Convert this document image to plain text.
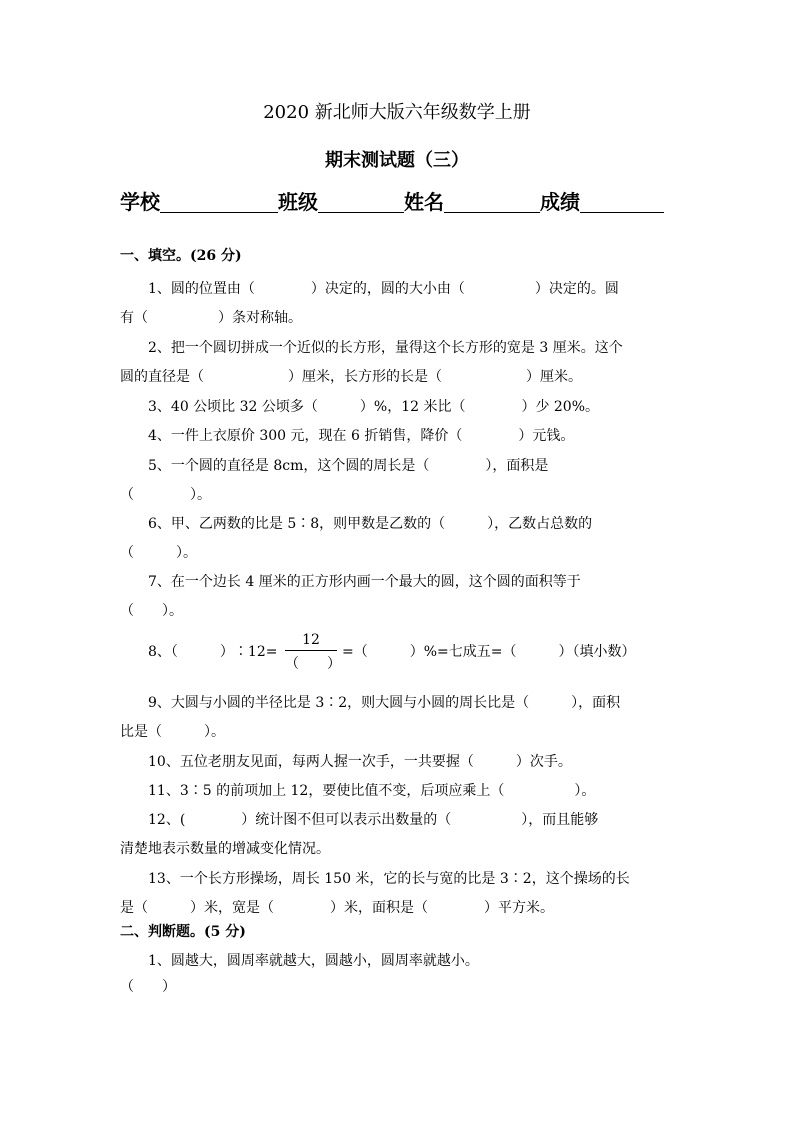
2020 新北师大版六年级数学上册
期末测试题（三）
学校	班级	姓名	成绩
一、填空。(26 分)
1、圆的位置由（　　　　）决定的，圆的大小由（　　　　　）决定的。圆
有（　　　　　）条对称轴。
2、把一个圆切拼成一个近似的长方形，量得这个长方形的宽是 3 厘米。这个
圆的直径是（　　　　　　）厘米，长方形的长是（　　　　　　）厘米。
3、40 公顷比 32 公顷多（　　　）%，12 米比（　　　　）少 20%。
4、一件上衣原价 300 元，现在 6 折销售，降价（　　　　）元钱。
5、一个圆的直径是 8cm，这个圆的周长是（　　　　），面积是
（　　　　）。
6、甲、乙两数的比是 5∶8，则甲数是乙数的（　　　），乙数占总数的
（　　　）。
7、在一个边长 4 厘米的正方形内画一个最大的圆，这个圆的面积等于
（　　）。
8、（　　　）∶12=
12
（　　）
=（　　　）%=七成五=（　　　）（填小数）
9、大圆与小圆的半径比是 3∶2，则大圆与小圆的周长比是（　　　），面积
比是（　　　）。
10、五位老朋友见面，每两人握一次手，一共要握（　　　）次手。
11、3∶5 的前项加上 12，要使比值不变，后项应乘上（　　　　　）。
12、(　　　　）统计图不但可以表示出数量的（　　　　　），而且能够
清楚地表示数量的增减变化情况。
13、一个长方形操场，周长 150 米，它的长与宽的比是 3∶2，这个操场的长
是（　　　）米，宽是（　　　　）米，面积是（　　　　）平方米。
二、判断题。(5 分)
1、圆越大，圆周率就越大，圆越小，圆周率就越小。
（　　）
